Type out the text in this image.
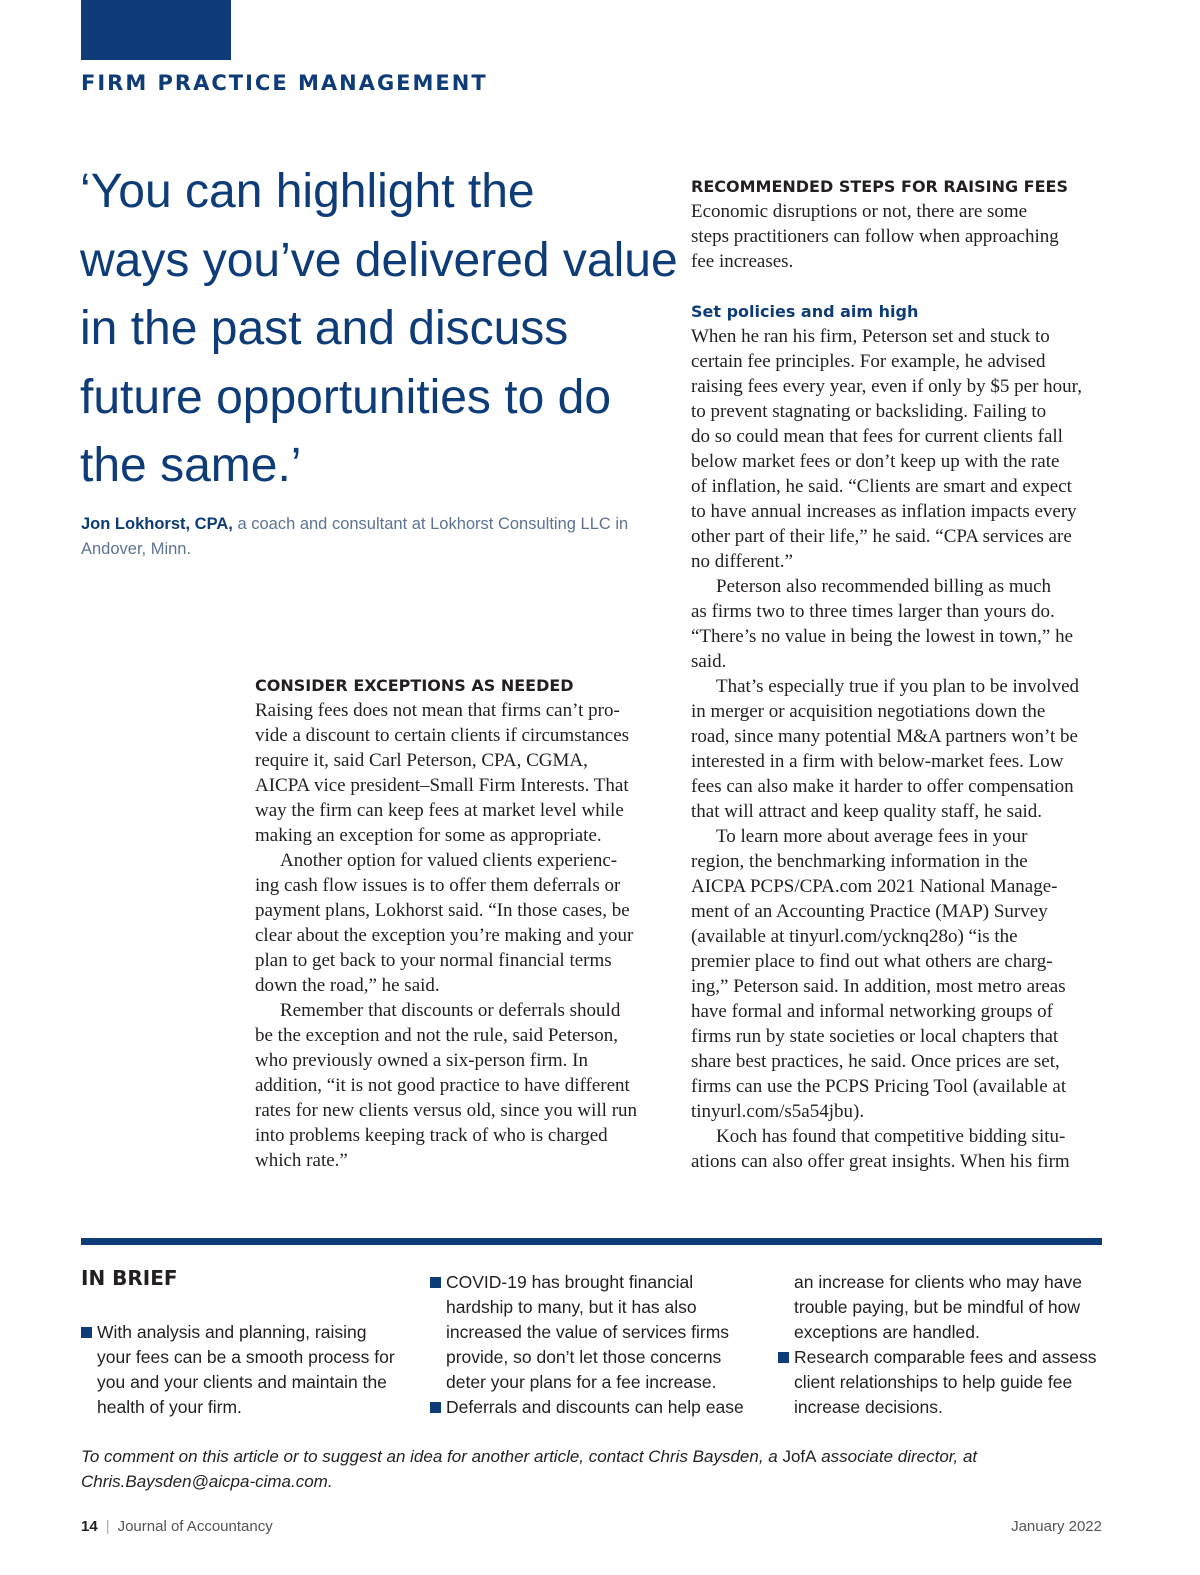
FIRM PRACTICE MANAGEMENT
‘You can highlight the
ways you’ve delivered value
in the past and discuss
future opportunities to do
the same.’
Jon Lokhorst, CPA, a coach and consultant at Lokhorst Consulting LLC in
Andover, Minn.
CONSIDER EXCEPTIONS AS NEEDED
Raising fees does not mean that firms can’t pro-
vide a discount to certain clients if circumstances
require it, said Carl Peterson, CPA, CGMA,
AICPA vice president–Small Firm Interests. That
way the firm can keep fees at market level while
making an exception for some as appropriate.
Another option for valued clients experienc-
ing cash flow issues is to offer them deferrals or
payment plans, Lokhorst said. “In those cases, be
clear about the exception you’re making and your
plan to get back to your normal financial terms
down the road,” he said.
Remember that discounts or deferrals should
be the exception and not the rule, said Peterson,
who previously owned a six-person firm. In
addition, “it is not good practice to have different
rates for new clients versus old, since you will run
into problems keeping track of who is charged
which rate.”
RECOMMENDED STEPS FOR RAISING FEES
Economic disruptions or not, there are some
steps practitioners can follow when approaching
fee increases.
Set policies and aim high
When he ran his firm, Peterson set and stuck to
certain fee principles. For example, he advised
raising fees every year, even if only by $5 per hour,
to prevent stagnating or backsliding. Failing to
do so could mean that fees for current clients fall
below market fees or don’t keep up with the rate
of inflation, he said. “Clients are smart and expect
to have annual increases as inflation impacts every
other part of their life,” he said. “CPA services are
no different.”
Peterson also recommended billing as much
as firms two to three times larger than yours do.
“There’s no value in being the lowest in town,” he
said.
That’s especially true if you plan to be involved
in merger or acquisition negotiations down the
road, since many potential M&A partners won’t be
interested in a firm with below-market fees. Low
fees can also make it harder to offer compensation
that will attract and keep quality staff, he said.
To learn more about average fees in your
region, the benchmarking information in the
AICPA PCPS/CPA.com 2021 National Manage-
ment of an Accounting Practice (MAP) Survey
(available at tinyurl.com/ycknq28o) “is the
premier place to find out what others are charg-
ing,” Peterson said. In addition, most metro areas
have formal and informal networking groups of
firms run by state societies or local chapters that
share best practices, he said. Once prices are set,
firms can use the PCPS Pricing Tool (available at
tinyurl.com/s5a54jbu).
Koch has found that competitive bidding situ-
ations can also offer great insights. When his firm
IN BRIEF
With analysis and planning, raising
your fees can be a smooth process for
you and your clients and maintain the
health of your firm.
COVID-19 has brought financial
hardship to many, but it has also
increased the value of services firms
provide, so don’t let those concerns
deter your plans for a fee increase.
Deferrals and discounts can help ease
an increase for clients who may have
trouble paying, but be mindful of how
exceptions are handled.
Research comparable fees and assess
client relationships to help guide fee
increase decisions.
To comment on this article or to suggest an idea for another article, contact Chris Baysden, a JofA associate director, at
Chris.Baysden@aicpa-cima.com.
14 | Journal of Accountancy	January 2022
